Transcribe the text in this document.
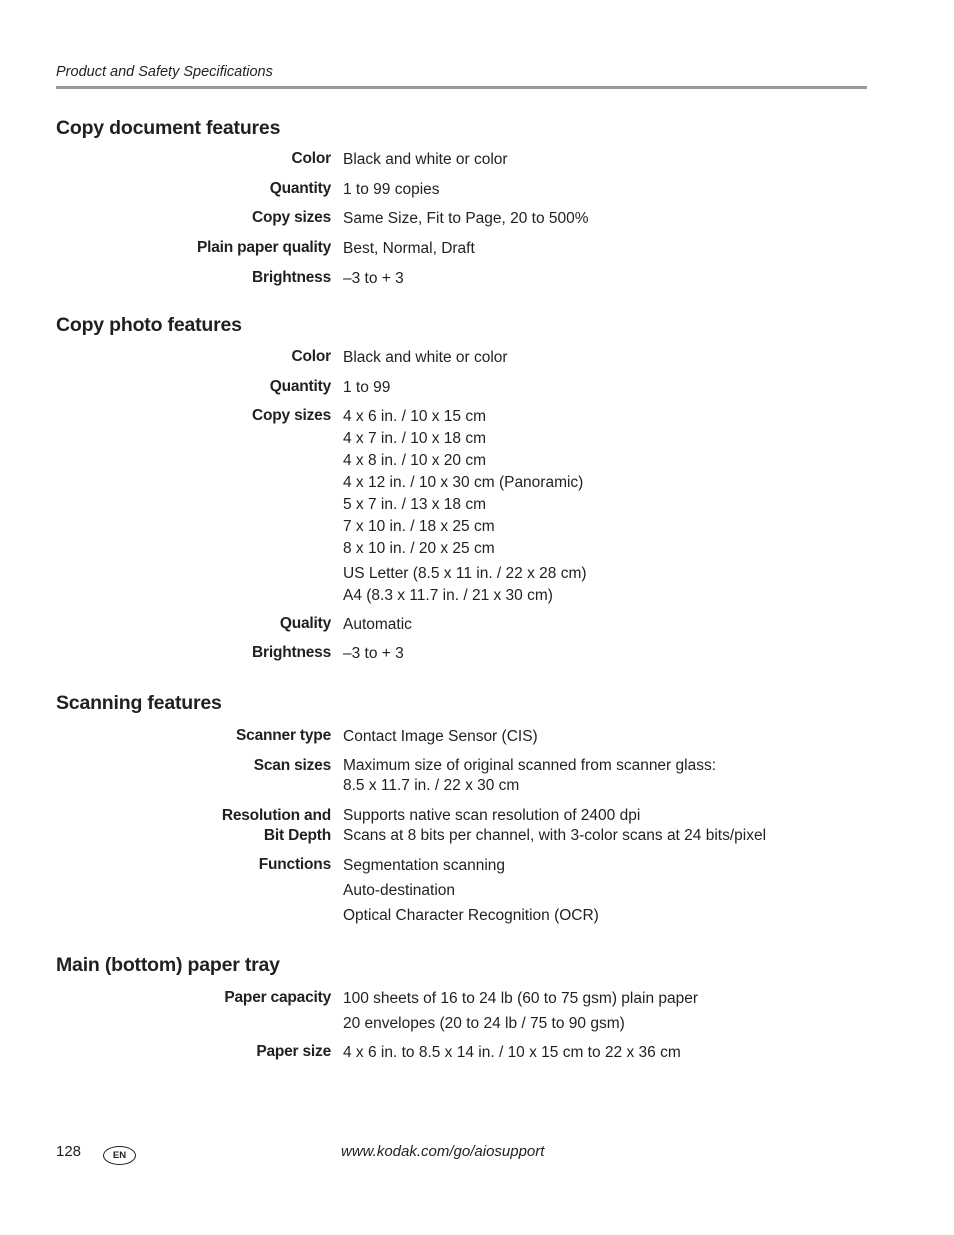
Product and Safety Specifications
Copy document features
Color Black and white or color
Quantity 1 to 99 copies
Copy sizes Same Size, Fit to Page, 20 to 500%
Plain paper quality Best, Normal, Draft
Brightness –3 to + 3
Copy photo features
Color Black and white or color
Quantity 1 to 99
Copy sizes 4 x 6 in. / 10 x 15 cm
4 x 7 in. / 10 x 18 cm
4 x 8 in. / 10 x 20 cm
4 x 12 in. / 10 x 30 cm (Panoramic)
5 x 7 in. / 13 x 18 cm
7 x 10 in. / 18 x 25 cm
8 x 10 in. / 20 x 25 cm
US Letter (8.5 x 11 in. / 22 x 28 cm)
A4 (8.3 x 11.7 in. / 21 x 30 cm)
Quality Automatic
Brightness –3 to + 3
Scanning features
Scanner type Contact Image Sensor (CIS)
Scan sizes Maximum size of original scanned from scanner glass:
8.5 x 11.7 in. / 22 x 30 cm
Resolution and
Bit Depth
Supports native scan resolution of 2400 dpi
Scans at 8 bits per channel, with 3-color scans at 24 bits/pixel
Functions Segmentation scanning
Auto-destination
Optical Character Recognition (OCR)
Main (bottom) paper tray
Paper capacity 100 sheets of 16 to 24 lb (60 to 75 gsm) plain paper
20 envelopes (20 to 24 lb / 75 to 90 gsm)
Paper size 4 x 6 in. to 8.5 x 14 in. / 10 x 15 cm to 22 x 36 cm
128	EN	www.kodak.com/go/aiosupport
